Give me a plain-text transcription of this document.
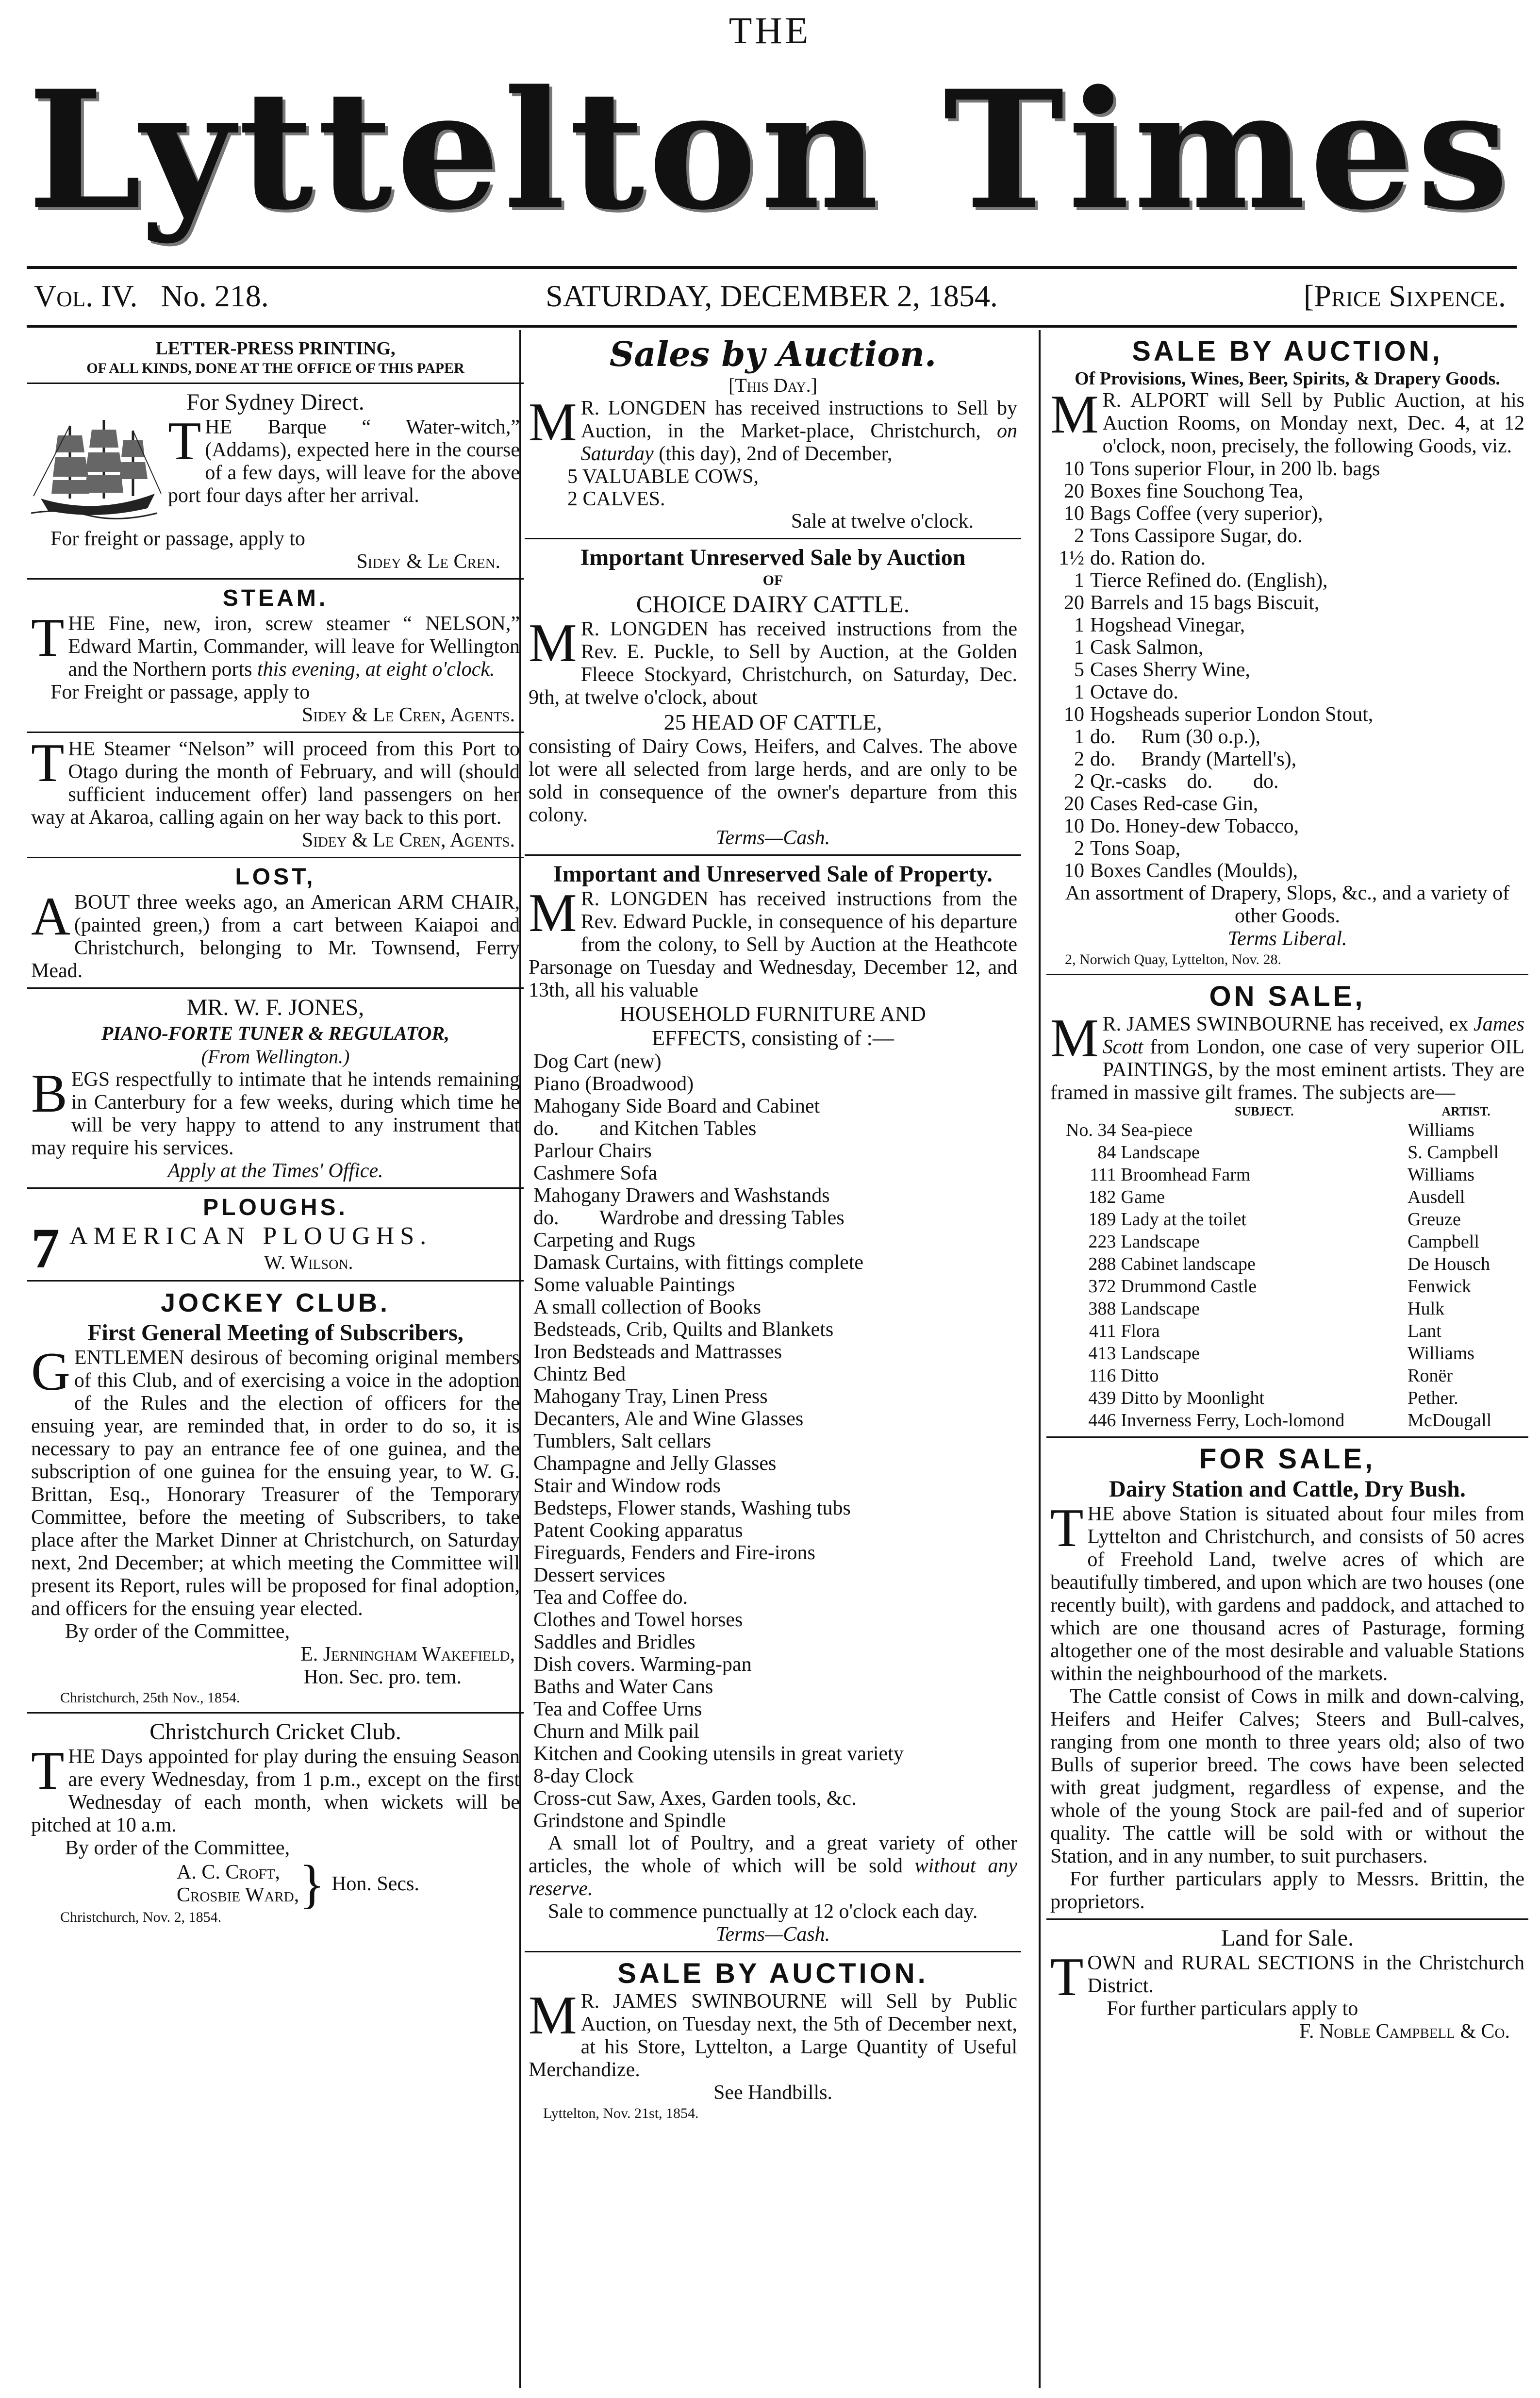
THE
Lyttelton Times
Vol. IV. No. 218.	SATURDAY, DECEMBER 2, 1854.	[Price Sixpence.
LETTER-PRESS PRINTING,
OF ALL KINDS, DONE AT THE OFFICE OF THIS PAPER
For Sydney Direct.

THE Barque “ Water-witch,” (Addams), expected here in the course of a few days, will leave for the above port four days after her arrival.

For freight or passage, apply to

Sidey & Le Cren.

STEAM.

THE Fine, new, iron, screw steamer “ NELSON,” Edward Martin, Commander, will leave for Wellington and the Northern ports this evening, at eight o'clock.

For Freight or passage, apply to

Sidey & Le Cren, Agents.

THE Steamer “Nelson” will proceed from this Port to Otago during the month of February, and will (should sufficient inducement offer) land passengers on her way at Akaroa, calling again on her way back to this port.

Sidey & Le Cren, Agents.

LOST,

ABOUT three weeks ago, an American ARM CHAIR, (painted green,) from a cart between Kaiapoi and Christchurch, belonging to Mr. Townsend, Ferry Mead.

MR. W. F. JONES,
PIANO-FORTE TUNER & REGULATOR,
(From Wellington.)

BEGS respectfully to intimate that he intends remaining in Canterbury for a few weeks, during which time he will be very happy to attend to any instrument that may require his services.

Apply at the Times' Office.

PLOUGHS.
7 AMERICAN PLOUGHS.
W. Wilson.
JOCKEY CLUB.
First General Meeting of Subscribers,

GENTLEMEN desirous of becoming original members of this Club, and of exercising a voice in the adoption of the Rules and the election of officers for the ensuing year, are reminded that, in order to do so, it is necessary to pay an entrance fee of one guinea, and the subscription of one guinea for the ensuing year, to W. G. Brittan, Esq., Honorary Treasurer of the Temporary Committee, before the meeting of Subscribers, to take place after the Market Dinner at Christchurch, on Saturday next, 2nd December; at which meeting the Committee will present its Report, rules will be proposed for final adoption, and officers for the ensuing year elected.

By order of the Committee,

E. Jerningham Wakefield,

Hon. Sec. pro. tem.

Christchurch, 25th Nov., 1854.

Christchurch Cricket Club.

THE Days appointed for play during the ensuing Season are every Wednesday, from 1 p.m., except on the first Wednesday of each month, when wickets will be pitched at 10 a.m.

By order of the Committee,

A. C. Croft,
Crosbie Ward, } Hon. Secs.

Christchurch, Nov. 2, 1854.

Sales by Auction.
[This Day.]

M R. LONGDEN has received instructions to Sell by Auction, in the Market-place, Christchurch, on Saturday (this day), 2nd of December,

5 VALUABLE COWS,
2 CALVES.

Sale at twelve o'clock.

Important Unreserved Sale by Auction
OF
CHOICE DAIRY CATTLE.

M R. LONGDEN has received instructions from the Rev. E. Puckle, to Sell by Auction, at the Golden Fleece Stockyard, Christchurch, on Saturday, Dec. 9th, at twelve o'clock, about

25 HEAD OF CATTLE,

consisting of Dairy Cows, Heifers, and Calves. The above lot were all selected from large herds, and are only to be sold in consequence of the owner's departure from this colony.

Terms—Cash.

Important and Unreserved Sale of Property.

M R. LONGDEN has received instructions from the Rev. Edward Puckle, in consequence of his departure from the colony, to Sell by Auction at the Heathcote Parsonage on Tuesday and Wednesday, December 12, and 13th, all his valuable

HOUSEHOLD FURNITURE AND
EFFECTS, consisting of :—
Dog Cart (new)
Piano (Broadwood)
Mahogany Side Board and Cabinet
do.        and Kitchen Tables
Parlour Chairs
Cashmere Sofa
Mahogany Drawers and Washstands
do.        Wardrobe and dressing Tables
Carpeting and Rugs
Damask Curtains, with fittings complete
Some valuable Paintings
A small collection of Books
Bedsteads, Crib, Quilts and Blankets
Iron Bedsteads and Mattrasses
Chintz Bed
Mahogany Tray, Linen Press
Decanters, Ale and Wine Glasses
Tumblers, Salt cellars
Champagne and Jelly Glasses
Stair and Window rods
Bedsteps, Flower stands, Washing tubs
Patent Cooking apparatus
Fireguards, Fenders and Fire-irons
Dessert services
Tea and Coffee do.
Clothes and Towel horses
Saddles and Bridles
Dish covers. Warming-pan
Baths and Water Cans
Tea and Coffee Urns
Churn and Milk pail
Kitchen and Cooking utensils in great variety
8-day Clock
Cross-cut Saw, Axes, Garden tools, &c.
Grindstone and Spindle

A small lot of Poultry, and a great variety of other articles, the whole of which will be sold without any reserve.

Sale to commence punctually at 12 o'clock each day.

Terms—Cash.

SALE BY AUCTION.

M R. JAMES SWINBOURNE will Sell by Public Auction, on Tuesday next, the 5th of December next, at his Store, Lyttelton, a Large Quantity of Useful Merchandize.

See Handbills.

Lyttelton, Nov. 21st, 1854.

SALE BY AUCTION,
Of Provisions, Wines, Beer, Spirits, & Drapery Goods.

M R. ALPORT will Sell by Public Auction, at his Auction Rooms, on Monday next, Dec. 4, at 12 o'clock, noon, precisely, the following Goods, viz.

10 Tons superior Flour, in 200 lb. bags
20 Boxes fine Souchong Tea,
10 Bags Coffee (very superior),
2 Tons Cassipore Sugar, do.
1½ do. Ration do.
1 Tierce Refined do. (English),
20 Barrels and 15 bags Biscuit,
1 Hogshead Vinegar,
1 Cask Salmon,
5 Cases Sherry Wine,
1 Octave do.
10 Hogsheads superior London Stout,
1 do.     Rum (30 o.p.),
2 do.     Brandy (Martell's),
2 Qr.-casks    do.        do.
20 Cases Red-case Gin,
10 Do. Honey-dew Tobacco,
2 Tons Soap,
10 Boxes Candles (Moulds),

An assortment of Drapery, Slops, &c., and a variety of other Goods.

Terms Liberal.

2, Norwich Quay, Lyttelton, Nov. 28.

ON SALE,

M R. JAMES SWINBOURNE has received, ex James Scott from London, one case of very superior OIL PAINTINGS, by the most eminent artists. They are framed in massive gilt frames. The subjects are—

	SUBJECT.	ARTIST.
No. 34	Sea-piece	Williams
84	Landscape	S. Campbell
111	Broomhead Farm	Williams
182	Game	Ausdell
189	Lady at the toilet	Greuze
223	Landscape	Campbell
288	Cabinet landscape	De Housch
372	Drummond Castle	Fenwick
388	Landscape	Hulk
411	Flora	Lant
413	Landscape	Williams
116	Ditto	Ronër
439	Ditto by Moonlight	Pether.
446	Inverness Ferry, Loch-lomond	McDougall
FOR SALE,
Dairy Station and Cattle, Dry Bush.

THE above Station is situated about four miles from Lyttelton and Christchurch, and consists of 50 acres of Freehold Land, twelve acres of which are beautifully timbered, and upon which are two houses (one recently built), with gardens and paddock, and attached to which are one thousand acres of Pasturage, forming altogether one of the most desirable and valuable Stations within the neighbourhood of the markets.

The Cattle consist of Cows in milk and down-calving, Heifers and Heifer Calves; Steers and Bull-calves, ranging from one month to three years old; also of two Bulls of superior breed. The cows have been selected with great judgment, regardless of expense, and the whole of the young Stock are pail-fed and of superior quality. The cattle will be sold with or without the Station, and in any number, to suit purchasers.

For further particulars apply to Messrs. Brittin, the proprietors.

Land for Sale.

TOWN and RURAL SECTIONS in the Christchurch District.

For further particulars apply to

F. Noble Campbell & Co.
